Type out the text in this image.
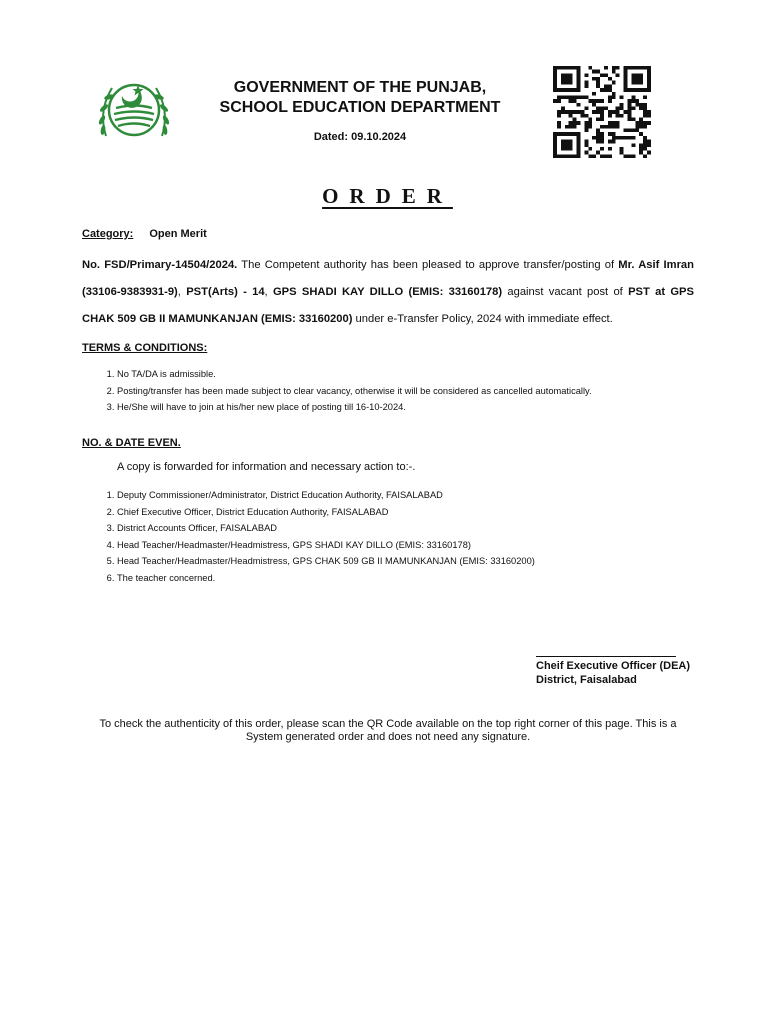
GOVERNMENT OF THE PUNJAB,
SCHOOL EDUCATION DEPARTMENT
Dated: 09.10.2024
ORDER
Category: Open Merit
No. FSD/Primary-14504/2024. The Competent authority has been pleased to approve transfer/posting of Mr. Asif Imran (33106-9383931-9), PST(Arts) - 14, GPS SHADI KAY DILLO (EMIS: 33160178) against vacant post of PST at GPS CHAK 509 GB II MAMUNKANJAN (EMIS: 33160200) under e-Transfer Policy, 2024 with immediate effect.
TERMS & CONDITIONS:
1. No TA/DA is admissible.
2. Posting/transfer has been made subject to clear vacancy, otherwise it will be considered as cancelled automatically.
3. He/She will have to join at his/her new place of posting till 16-10-2024.
NO. & DATE EVEN.
A copy is forwarded for information and necessary action to:-.
1. Deputy Commissioner/Administrator, District Education Authority, FAISALABAD
2. Chief Executive Officer, District Education Authority, FAISALABAD
3. District Accounts Officer, FAISALABAD
4. Head Teacher/Headmaster/Headmistress, GPS SHADI KAY DILLO (EMIS: 33160178)
5. Head Teacher/Headmaster/Headmistress, GPS CHAK 509 GB II MAMUNKANJAN (EMIS: 33160200)
6. The teacher concerned.
Cheif Executive Officer (DEA)
District, Faisalabad
To check the authenticity of this order, please scan the QR Code available on the top right corner of this page. This is a System generated order and does not need any signature.
